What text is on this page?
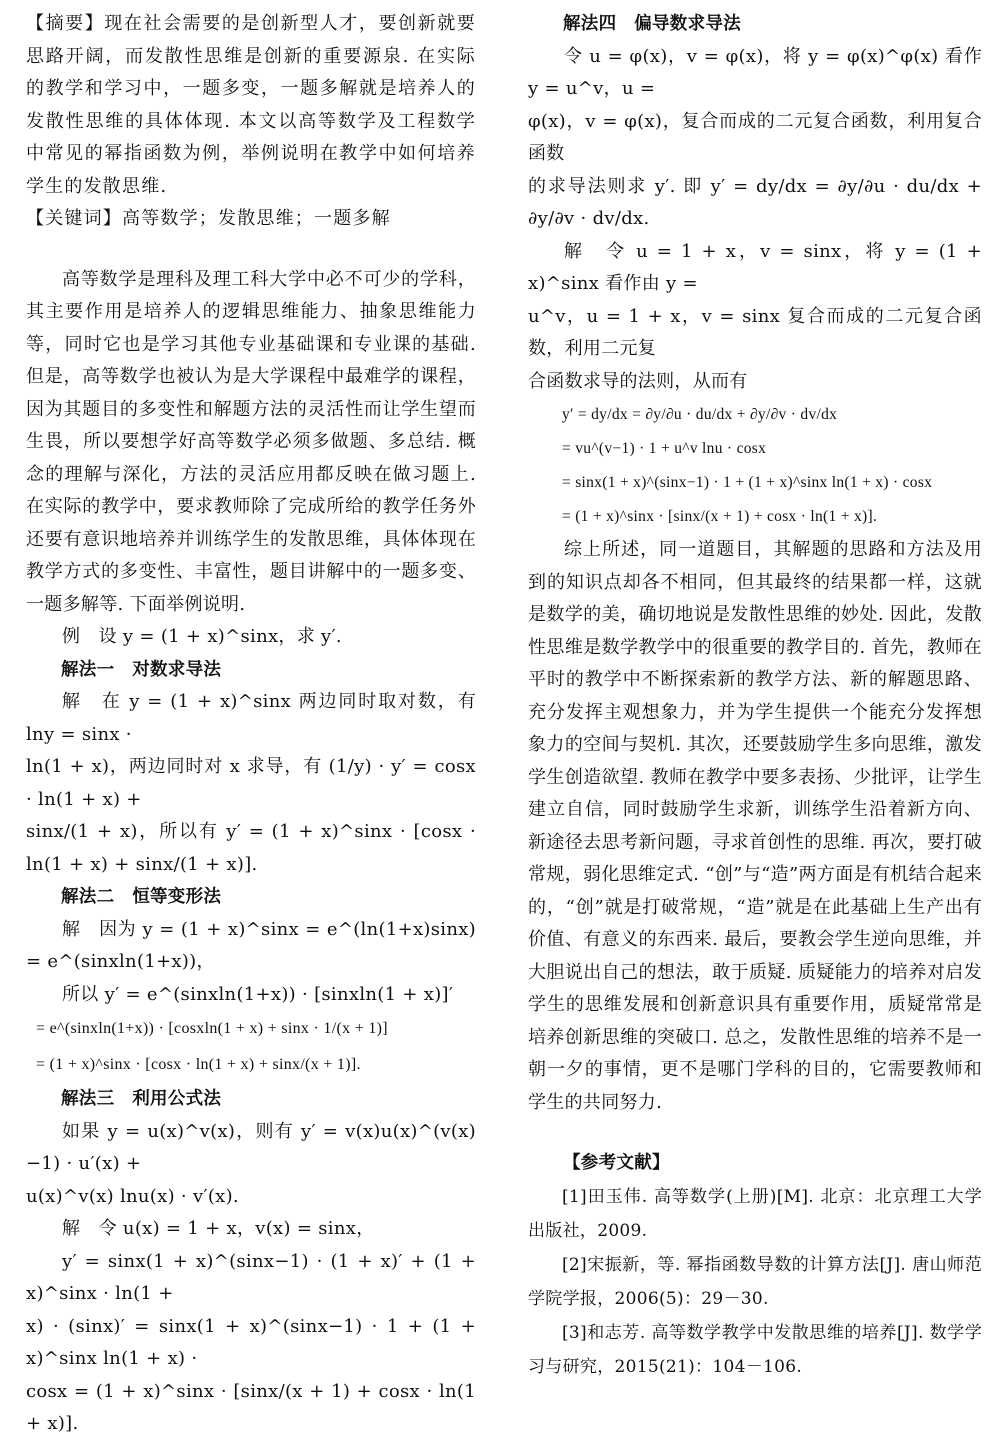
【摘要】现在社会需要的是创新型人才，要创新就要思路开阔，而发散性思维是创新的重要源泉. 在实际的教学和学习中，一题多变，一题多解就是培养人的发散性思维的具体体现. 本文以高等数学及工程数学中常见的幂指函数为例，举例说明在教学中如何培养学生的发散思维.

【关键词】高等数学；发散思维；一题多解

高等数学是理科及理工科大学中必不可少的学科，其主要作用是培养人的逻辑思维能力、抽象思维能力等，同时它也是学习其他专业基础课和专业课的基础. 但是，高等数学也被认为是大学课程中最难学的课程，因为其题目的多变性和解题方法的灵活性而让学生望而生畏，所以要想学好高等数学必须多做题、多总结. 概念的理解与深化，方法的灵活应用都反映在做习题上. 在实际的教学中，要求教师除了完成所给的教学任务外还要有意识地培养并训练学生的发散思维，具体体现在教学方式的多变性、丰富性，题目讲解中的一题多变、一题多解等. 下面举例说明.

例　设 y = (1 + x)^sinx，求 y′.

解法一　对数求导法

解　在 y = (1 + x)^sinx 两边同时取对数，有 lny = sinx ·

ln(1 + x)，两边同时对 x 求导，有 (1/y) · y′ = cosx · ln(1 + x) +

sinx/(1 + x)，所以有 y′ = (1 + x)^sinx · [cosx · ln(1 + x) + sinx/(1 + x)].

解法二　恒等变形法

解　因为 y = (1 + x)^sinx = e^(ln(1+x)sinx) = e^(sinxln(1+x))，

所以 y′ = e^(sinxln(1+x)) · [sinxln(1 + x)]′

= e^(sinxln(1+x)) · [cosxln(1 + x) + sinx · 1/(x + 1)]

= (1 + x)^sinx · [cosx · ln(1 + x) + sinx/(x + 1)].

解法三　利用公式法

如果 y = u(x)^v(x)，则有 y′ = v(x)u(x)^(v(x)−1) · u′(x) +

u(x)^v(x) lnu(x) · v′(x).

解　令 u(x) = 1 + x，v(x) = sinx，

y′ = sinx(1 + x)^(sinx−1) · (1 + x)′ + (1 + x)^sinx · ln(1 +

x) · (sinx)′ = sinx(1 + x)^(sinx−1) · 1 + (1 + x)^sinx ln(1 + x) ·

cosx = (1 + x)^sinx · [sinx/(x + 1) + cosx · ln(1 + x)].

解法四　偏导数求导法

令 u = φ(x)，v = φ(x)，将 y = φ(x)^φ(x) 看作 y = u^v，u =

φ(x)，v = φ(x)，复合而成的二元复合函数，利用复合函数

的求导法则求 y′. 即 y′ = dy/dx = ∂y/∂u · du/dx + ∂y/∂v · dv/dx.

解　令 u = 1 + x，v = sinx，将 y = (1 + x)^sinx 看作由 y =

u^v，u = 1 + x，v = sinx 复合而成的二元复合函数，利用二元复

合函数求导的法则，从而有

y′ = dy/dx = ∂y/∂u · du/dx + ∂y/∂v · dv/dx

= vu^(v−1) · 1 + u^v lnu · cosx

= sinx(1 + x)^(sinx−1) · 1 + (1 + x)^sinx ln(1 + x) · cosx

= (1 + x)^sinx · [sinx/(x + 1) + cosx · ln(1 + x)].

综上所述，同一道题目，其解题的思路和方法及用到的知识点却各不相同，但其最终的结果都一样，这就是数学的美，确切地说是发散性思维的妙处. 因此，发散性思维是数学教学中的很重要的教学目的. 首先，教师在平时的教学中不断探索新的教学方法、新的解题思路、充分发挥主观想象力，并为学生提供一个能充分发挥想象力的空间与契机. 其次，还要鼓励学生多向思维，激发学生创造欲望. 教师在教学中要多表扬、少批评，让学生建立自信，同时鼓励学生求新，训练学生沿着新方向、新途径去思考新问题，寻求首创性的思维. 再次，要打破常规，弱化思维定式. “创”与“造”两方面是有机结合起来的，“创”就是打破常规，“造”就是在此基础上生产出有价值、有意义的东西来. 最后，要教会学生逆向思维，并大胆说出自己的想法，敢于质疑. 质疑能力的培养对启发学生的思维发展和创新意识具有重要作用，质疑常常是培养创新思维的突破口. 总之，发散性思维的培养不是一朝一夕的事情，更不是哪门学科的目的，它需要教师和学生的共同努力.

【参考文献】

[1]田玉伟. 高等数学(上册)[M]. 北京：北京理工大学出版社，2009.

[2]宋振新，等. 幂指函数导数的计算方法[J]. 唐山师范学院学报，2006(5)：29－30.

[3]和志芳. 高等数学教学中发散思维的培养[J]. 数学学习与研究，2015(21)：104－106.
